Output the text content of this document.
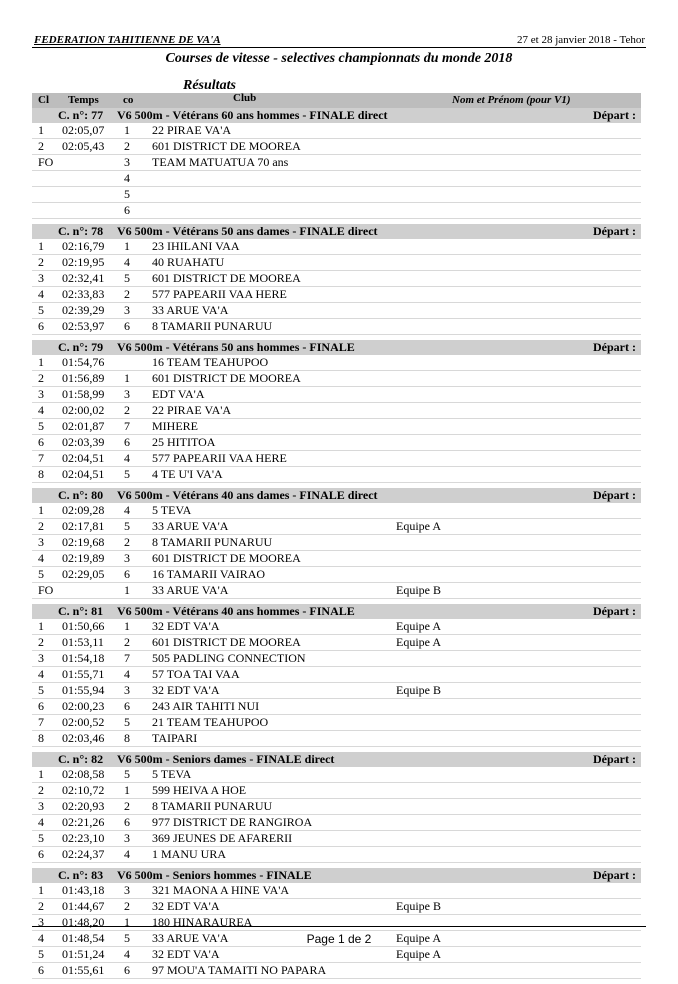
FEDERATION TAHITIENNE DE VA'A	27 et 28 janvier 2018 - Tehor
Courses de vitesse - selectives championnats du monde 2018
Résultats
Cl Temps co	Club	Nom et Prénom (pour V1)
C. n°: 77 V6 500m - Vétérans 60 ans hommes - FINALE direct	Départ :
1 02:05,07 1 22 PIRAE VA'A
2 02:05,43 2 601 DISTRICT DE MOOREA
FO	3 TEAM MATUATUA 70 ans
4
5
6
C. n°: 78 V6 500m - Vétérans 50 ans dames - FINALE direct	Départ :
1 02:16,79 1 23 IHILANI VAA
2 02:19,95 4 40 RUAHATU
3 02:32,41 5 601 DISTRICT DE MOOREA
4 02:33,83 2 577 PAPEARII VAA HERE
5 02:39,29 3 33 ARUE VA'A
6 02:53,97 6 8 TAMARII PUNARUU
C. n°: 79 V6 500m - Vétérans 50 ans hommes - FINALE	Départ :
1 01:54,76	16 TEAM TEAHUPOO
2 01:56,89 1 601 DISTRICT DE MOOREA
3 01:58,99 3 EDT VA'A
4 02:00,02 2 22 PIRAE VA'A
5 02:01,87 7 MIHERE
6 02:03,39 6 25 HITITOA
7 02:04,51 4 577 PAPEARII VAA HERE
8 02:04,51 5 4 TE U'I VA'A
C. n°: 80 V6 500m - Vétérans 40 ans dames - FINALE direct	Départ :
1 02:09,28 4 5 TEVA
2 02:17,81 5 33 ARUE VA'A	Equipe A
3 02:19,68 2 8 TAMARII PUNARUU
4 02:19,89 3 601 DISTRICT DE MOOREA
5 02:29,05 6 16 TAMARII VAIRAO
FO	1 33 ARUE VA'A	Equipe B
C. n°: 81 V6 500m - Vétérans 40 ans hommes - FINALE	Départ :
1 01:50,66 1 32 EDT VA'A	Equipe A
2 01:53,11 2 601 DISTRICT DE MOOREA	Equipe A
3 01:54,18 7 505 PADLING CONNECTION
4 01:55,71 4 57 TOA TAI VAA
5 01:55,94 3 32 EDT VA'A	Equipe B
6 02:00,23 6 243 AIR TAHITI NUI
7 02:00,52 5 21 TEAM TEAHUPOO
8 02:03,46 8 TAIPARI
C. n°: 82 V6 500m - Seniors dames - FINALE direct	Départ :
1 02:08,58 5 5 TEVA
2 02:10,72 1 599 HEIVA A HOE
3 02:20,93 2 8 TAMARII PUNARUU
4 02:21,26 6 977 DISTRICT DE RANGIROA
5 02:23,10 3 369 JEUNES DE AFARERII
6 02:24,37 4 1 MANU URA
C. n°: 83 V6 500m - Seniors hommes - FINALE	Départ :
1 01:43,18 3 321 MAONA A HINE VA'A
2 01:44,67 2 32 EDT VA'A	Equipe B
3 01:48,20 1 180 HINARAUREA
4 01:48,54 5 33 ARUE VA'A	Equipe A
5 01:51,24 4 32 EDT VA'A	Equipe A
6 01:55,61 6 97 MOU'A TAMAITI NO PAPARA
Page 1 de 2
